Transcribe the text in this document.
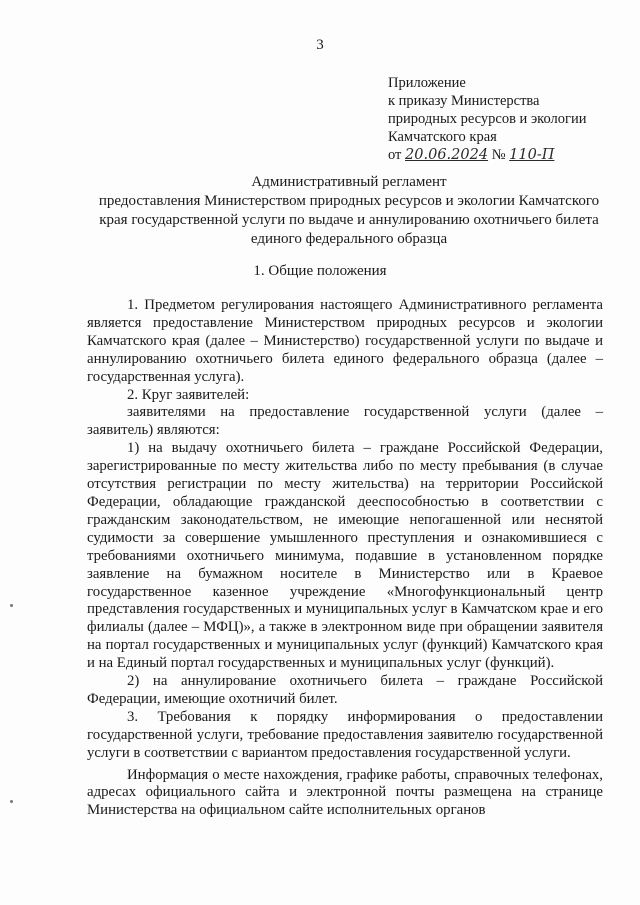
3
Приложение
к приказу Министерства
природных ресурсов и экологии
Камчатского края
от 20.06.2024 № 110-П
Административный регламент
предоставления Министерством природных ресурсов и экологии Камчатского края государственной услуги по выдаче и аннулированию охотничьего билета единого федерального образца
1. Общие положения

1. Предметом регулирования настоящего Административного регламента является предоставление Министерством природных ресурсов и экологии Камчатского края (далее – Министерство) государственной услуги по выдаче и аннулированию охотничьего билета единого федерального образца (далее – государственная услуга).

2. Круг заявителей:

заявителями на предоставление государственной услуги (далее – заявитель) являются:

1) на выдачу охотничьего билета – граждане Российской Федерации, зарегистрированные по месту жительства либо по месту пребывания (в случае отсутствия регистрации по месту жительства) на территории Российской Федерации, обладающие гражданской дееспособностью в соответствии с гражданским законодательством, не имеющие непогашенной или неснятой судимости за совершение умышленного преступления и ознакомившиеся с требованиями охотничьего минимума, подавшие в установленном порядке заявление на бумажном носителе в Министерство или в Краевое государственное казенное учреждение «Многофункциональный центр представления государственных и муниципальных услуг в Камчатском крае и его филиалы (далее – МФЦ)», а также в электронном виде при обращении заявителя на портал государственных и муниципальных услуг (функций) Камчатского края и на Единый портал государственных и муниципальных услуг (функций).

2) на аннулирование охотничьего билета – граждане Российской Федерации, имеющие охотничий билет.

3. Требования к порядку информирования о предоставлении государственной услуги, требование предоставления заявителю государственной услуги в соответствии с вариантом предоставления государственной услуги.

Информация о месте нахождения, графике работы, справочных телефонах, адресах официального сайта и электронной почты размещена на странице Министерства на официальном сайте исполнительных органов
